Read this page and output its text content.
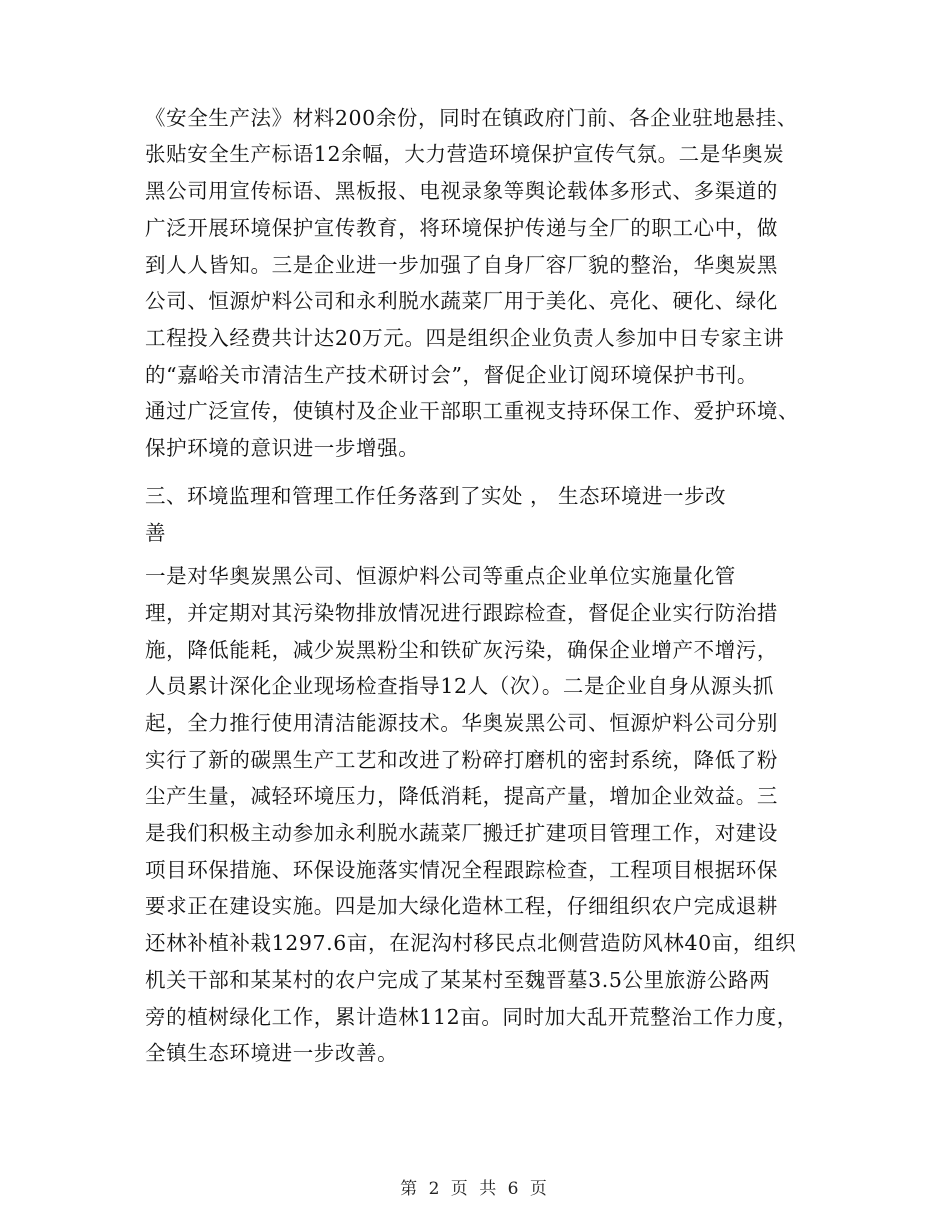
《安全生产法》材料200余份，同时在镇政府门前、各企业驻地悬挂、
张贴安全生产标语12余幅，大力营造环境保护宣传气氛。二是华奥炭
黑公司用宣传标语、黑板报、电视录象等舆论载体多形式、多渠道的
广泛开展环境保护宣传教育，将环境保护传递与全厂的职工心中，做
到人人皆知。三是企业进一步加强了自身厂容厂貌的整治，华奥炭黑
公司、恒源炉料公司和永利脱水蔬菜厂用于美化、亮化、硬化、绿化
工程投入经费共计达20万元。四是组织企业负责人参加中日专家主讲
的“嘉峪关市清洁生产技术研讨会”，督促企业订阅环境保护书刊。
通过广泛宣传，使镇村及企业干部职工重视支持环保工作、爱护环境、
保护环境的意识进一步增强。
三、环境监理和管理工作任务落到了实处 ， 生态环境进一步改
善
一是对华奥炭黑公司、恒源炉料公司等重点企业单位实施量化管
理，并定期对其污染物排放情况进行跟踪检查，督促企业实行防治措
施，降低能耗，减少炭黑粉尘和铁矿灰污染，确保企业增产不增污，
人员累计深化企业现场检查指导12人（次）。二是企业自身从源头抓
起，全力推行使用清洁能源技术。华奥炭黑公司、恒源炉料公司分别
实行了新的碳黑生产工艺和改进了粉碎打磨机的密封系统，降低了粉
尘产生量，减轻环境压力，降低消耗，提高产量，增加企业效益。三
是我们积极主动参加永利脱水蔬菜厂搬迁扩建项目管理工作，对建设
项目环保措施、环保设施落实情况全程跟踪检查，工程项目根据环保
要求正在建设实施。四是加大绿化造林工程，仔细组织农户完成退耕
还林补植补栽1297.6亩，在泥沟村移民点北侧营造防风林40亩，组织
机关干部和某某村的农户完成了某某村至魏晋墓3.5公里旅游公路两
旁的植树绿化工作，累计造林112亩。同时加大乱开荒整治工作力度，
全镇生态环境进一步改善。
第 2 页 共 6 页
